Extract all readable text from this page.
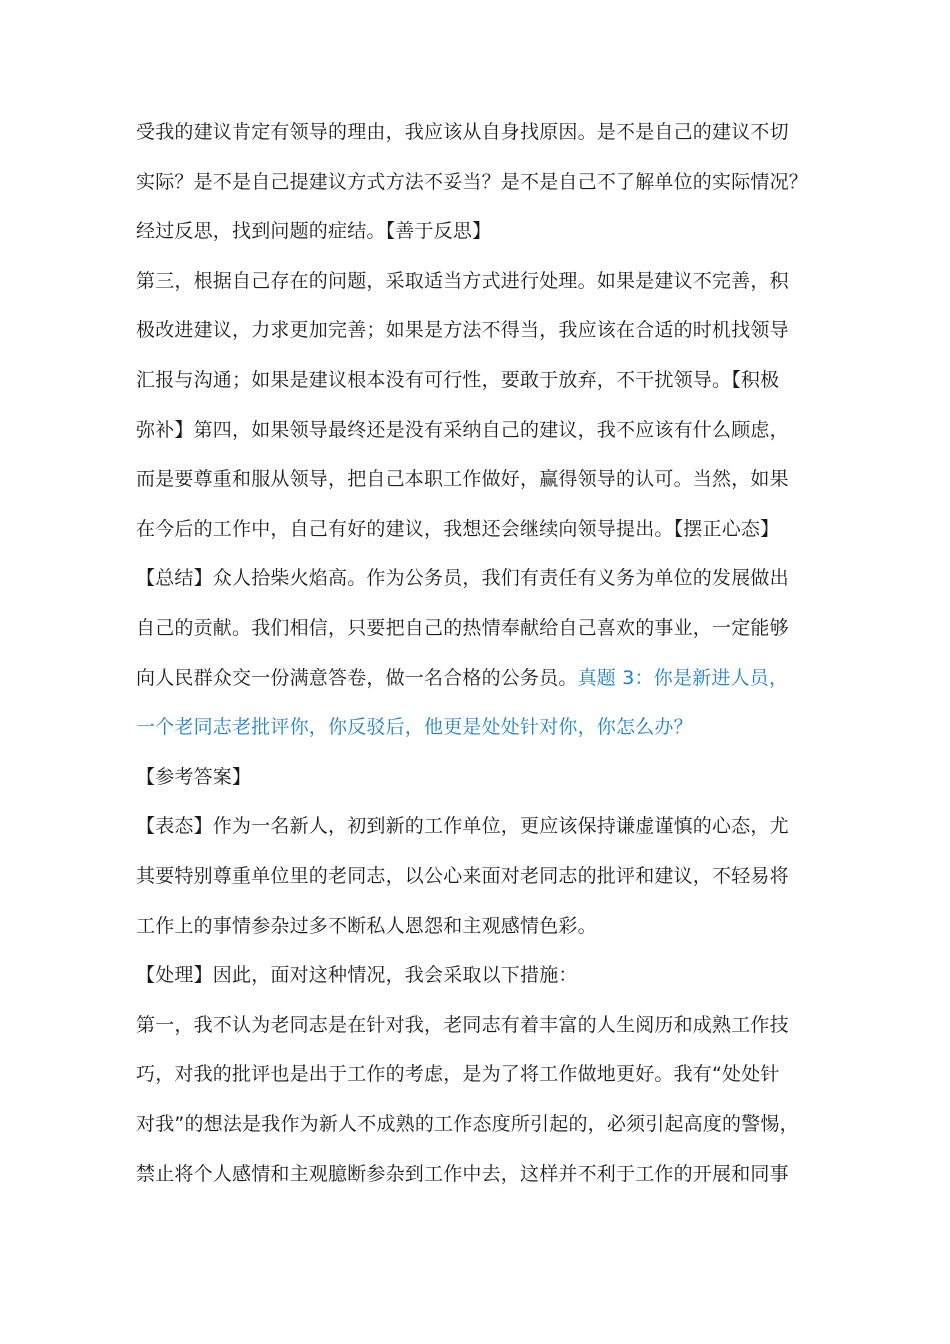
受我的建议肯定有领导的理由，我应该从自身找原因。是不是自己的建议不切
实际？是不是自己提建议方式方法不妥当？是不是自己不了解单位的实际情况？
经过反思，找到问题的症结。【善于反思】
第三，根据自己存在的问题，采取适当方式进行处理。如果是建议不完善，积
极改进建议，力求更加完善；如果是方法不得当，我应该在合适的时机找领导
汇报与沟通；如果是建议根本没有可行性，要敢于放弃，不干扰领导。【积极
弥补】第四，如果领导最终还是没有采纳自己的建议，我不应该有什么顾虑，
而是要尊重和服从领导，把自己本职工作做好，赢得领导的认可。当然，如果
在今后的工作中，自己有好的建议，我想还会继续向领导提出。【摆正心态】
【总结】众人拾柴火焰高。作为公务员，我们有责任有义务为单位的发展做出
自己的贡献。我们相信，只要把自己的热情奉献给自己喜欢的事业，一定能够
向人民群众交一份满意答卷，做一名合格的公务员。真题 3：你是新进人员，
一个老同志老批评你，你反驳后，他更是处处针对你，你怎么办？
【参考答案】
【表态】作为一名新人，初到新的工作单位，更应该保持谦虚谨慎的心态，尤
其要特别尊重单位里的老同志，以公心来面对老同志的批评和建议，不轻易将
工作上的事情参杂过多不断私人恩怨和主观感情色彩。
【处理】因此，面对这种情况，我会采取以下措施：
第一，我不认为老同志是在针对我，老同志有着丰富的人生阅历和成熟工作技
巧，对我的批评也是出于工作的考虑，是为了将工作做地更好。我有“处处针
对我”的想法是我作为新人不成熟的工作态度所引起的，必须引起高度的警惕，
禁止将个人感情和主观臆断参杂到工作中去，这样并不利于工作的开展和同事
